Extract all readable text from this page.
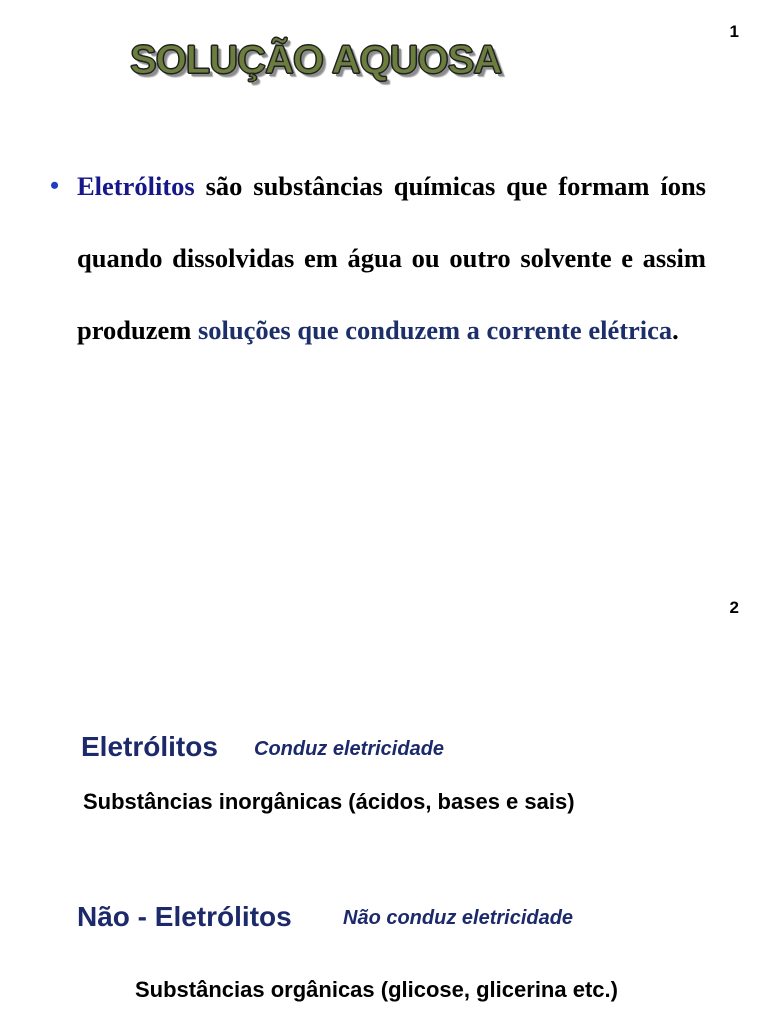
1
SOLUÇÃO AQUOSA
• Eletrólitos são substâncias químicas que formam íons quando dissolvidas em água ou outro solvente e assim produzem soluções que conduzem a corrente elétrica.
2
Eletrólitos Conduz eletricidade
Substâncias inorgânicas (ácidos, bases e sais)
Não - Eletrólitos	Não conduz eletricidade
Substâncias orgânicas (glicose, glicerina etc.)
